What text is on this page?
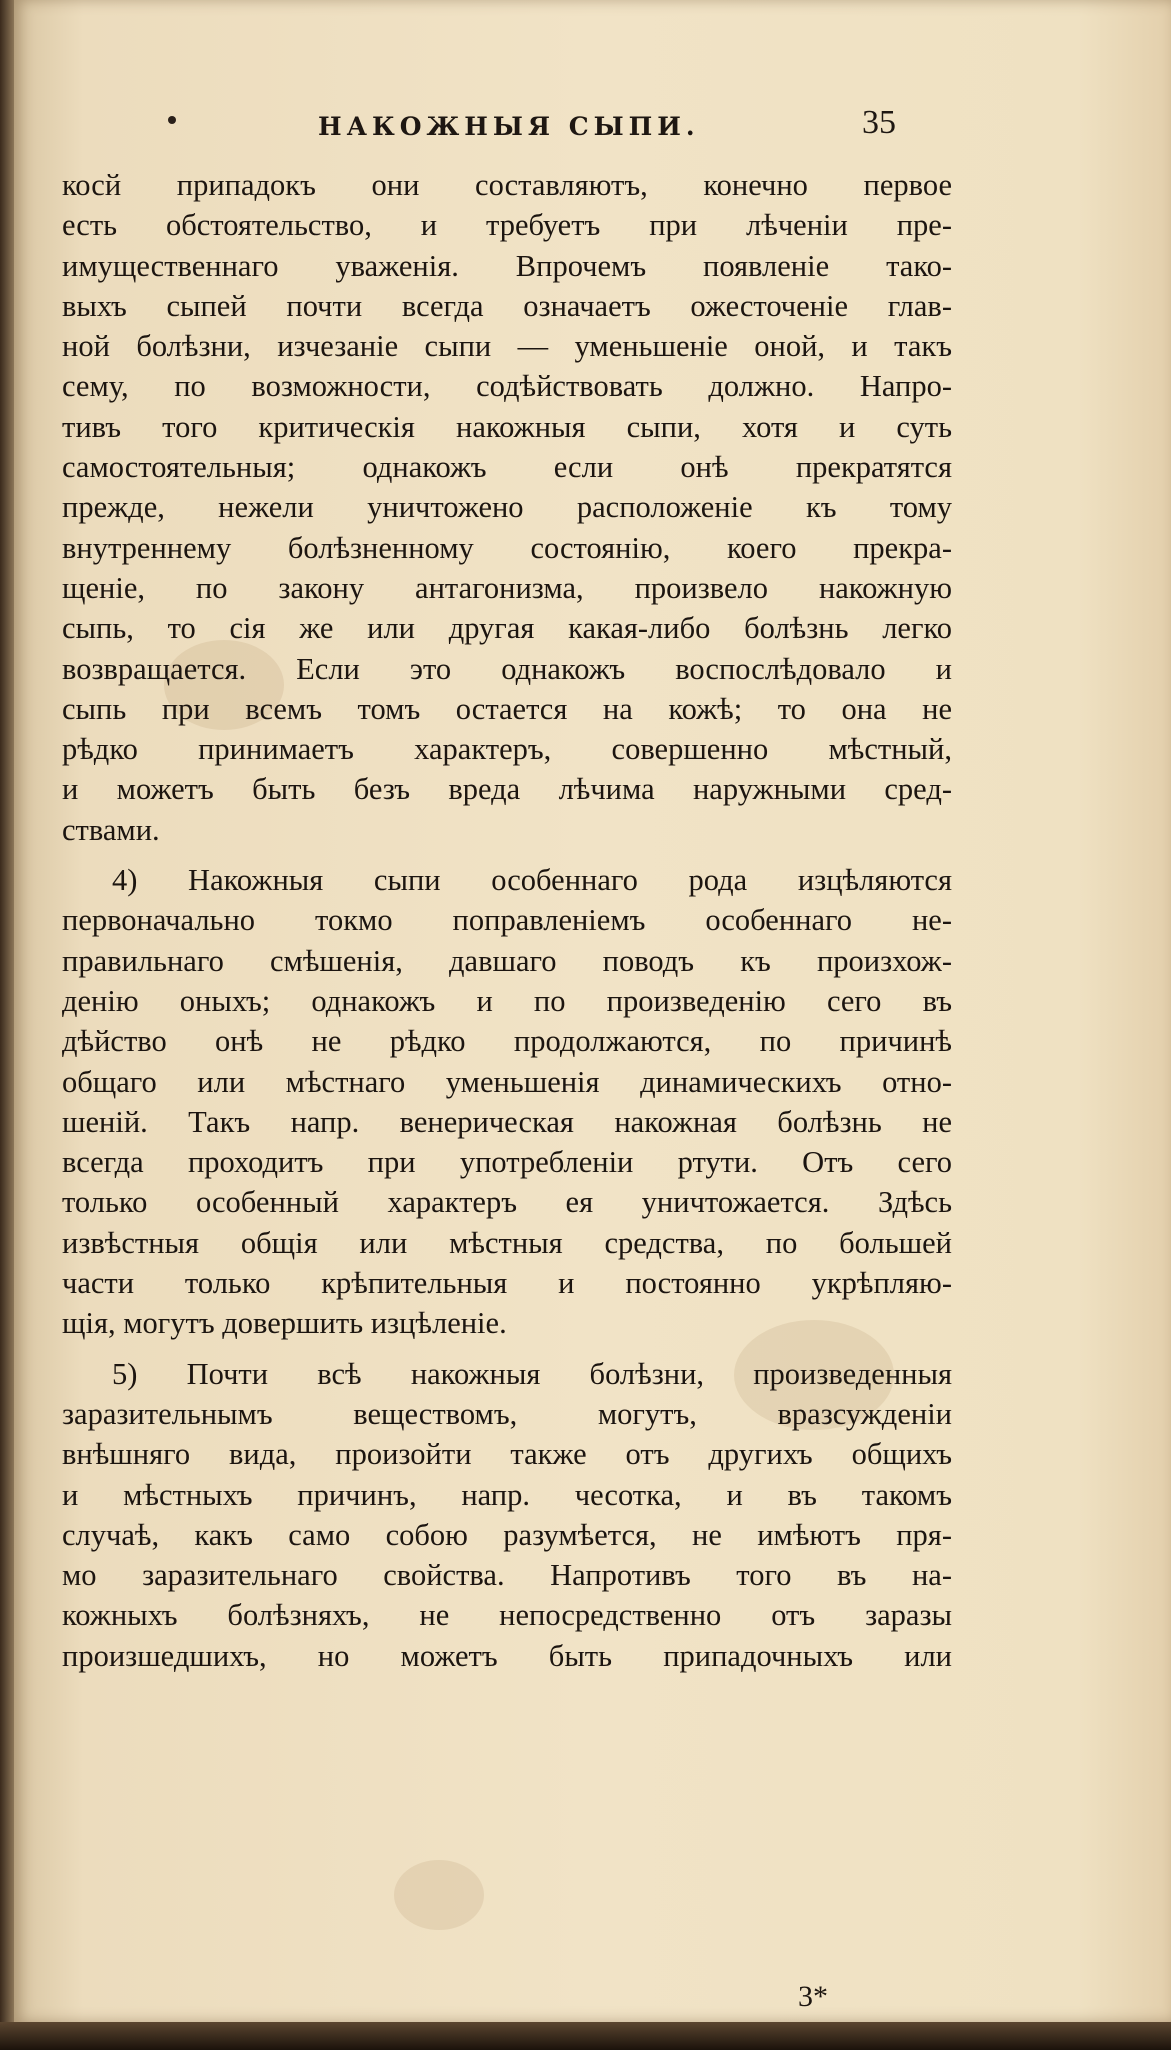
НАКОЖНЫЯ СЫПИ.	35
косй припадокъ они составляютъ, конечно первое
есть обстоятельство, и требуетъ при лѣченіи пре-
имущественнаго уваженія. Впрочемъ появленіе тако-
выхъ сыпей почти всегда означаетъ ожесточеніе глав-
ной болѣзни, изчезаніе сыпи — уменьшеніе оной, и такъ
сему, по возможности, содѣйствовать должно. Напро-
тивъ того критическія накожныя сыпи, хотя и суть
самостоятельныя; однакожъ если онѣ прекратятся
прежде, нежели уничтожено расположеніе къ тому
внутреннему болѣзненному состоянію, коего прекра-
щеніе, по закону антагонизма, произвело накожную
сыпь, то сія же или другая какая-либо болѣзнь легко
возвращается. Если это однакожъ воспослѣдовало и
сыпь при всемъ томъ остается на кожѣ; то она не
рѣдко принимаетъ характеръ, совершенно мѣстный,
и можетъ быть безъ вреда лѣчима наружными сред-
ствами.
4) Накожныя сыпи особеннаго рода изцѣляются
первоначально токмо поправленіемъ особеннаго не-
правильнаго смѣшенія, давшаго поводъ къ произхож-
денію оныхъ; однакожъ и по произведенію сего въ
дѣйство онѣ не рѣдко продолжаются, по причинѣ
общаго или мѣстнаго уменьшенія динамическихъ отно-
шеній. Такъ напр. венерическая накожная болѣзнь не
всегда проходитъ при употребленіи ртути. Отъ сего
только особенный характеръ ея уничтожается. Здѣсь
извѣстныя общія или мѣстныя средства, по большей
части только крѣпительныя и постоянно укрѣпляю-
щія, могутъ довершить изцѣленіе.
5) Почти всѣ накожныя болѣзни, произведенныя
заразительнымъ веществомъ, могутъ, вразсужденіи
внѣшняго вида, произойти также отъ другихъ общихъ
и мѣстныхъ причинъ, напр. чесотка, и въ такомъ
случаѣ, какъ само собою разумѣется, не имѣютъ пря-
мо заразительнаго свойства. Напротивъ того въ на-
кожныхъ болѣзняхъ, не непосредственно отъ заразы
произшедшихъ, но можетъ быть припадочныхъ или
3*
